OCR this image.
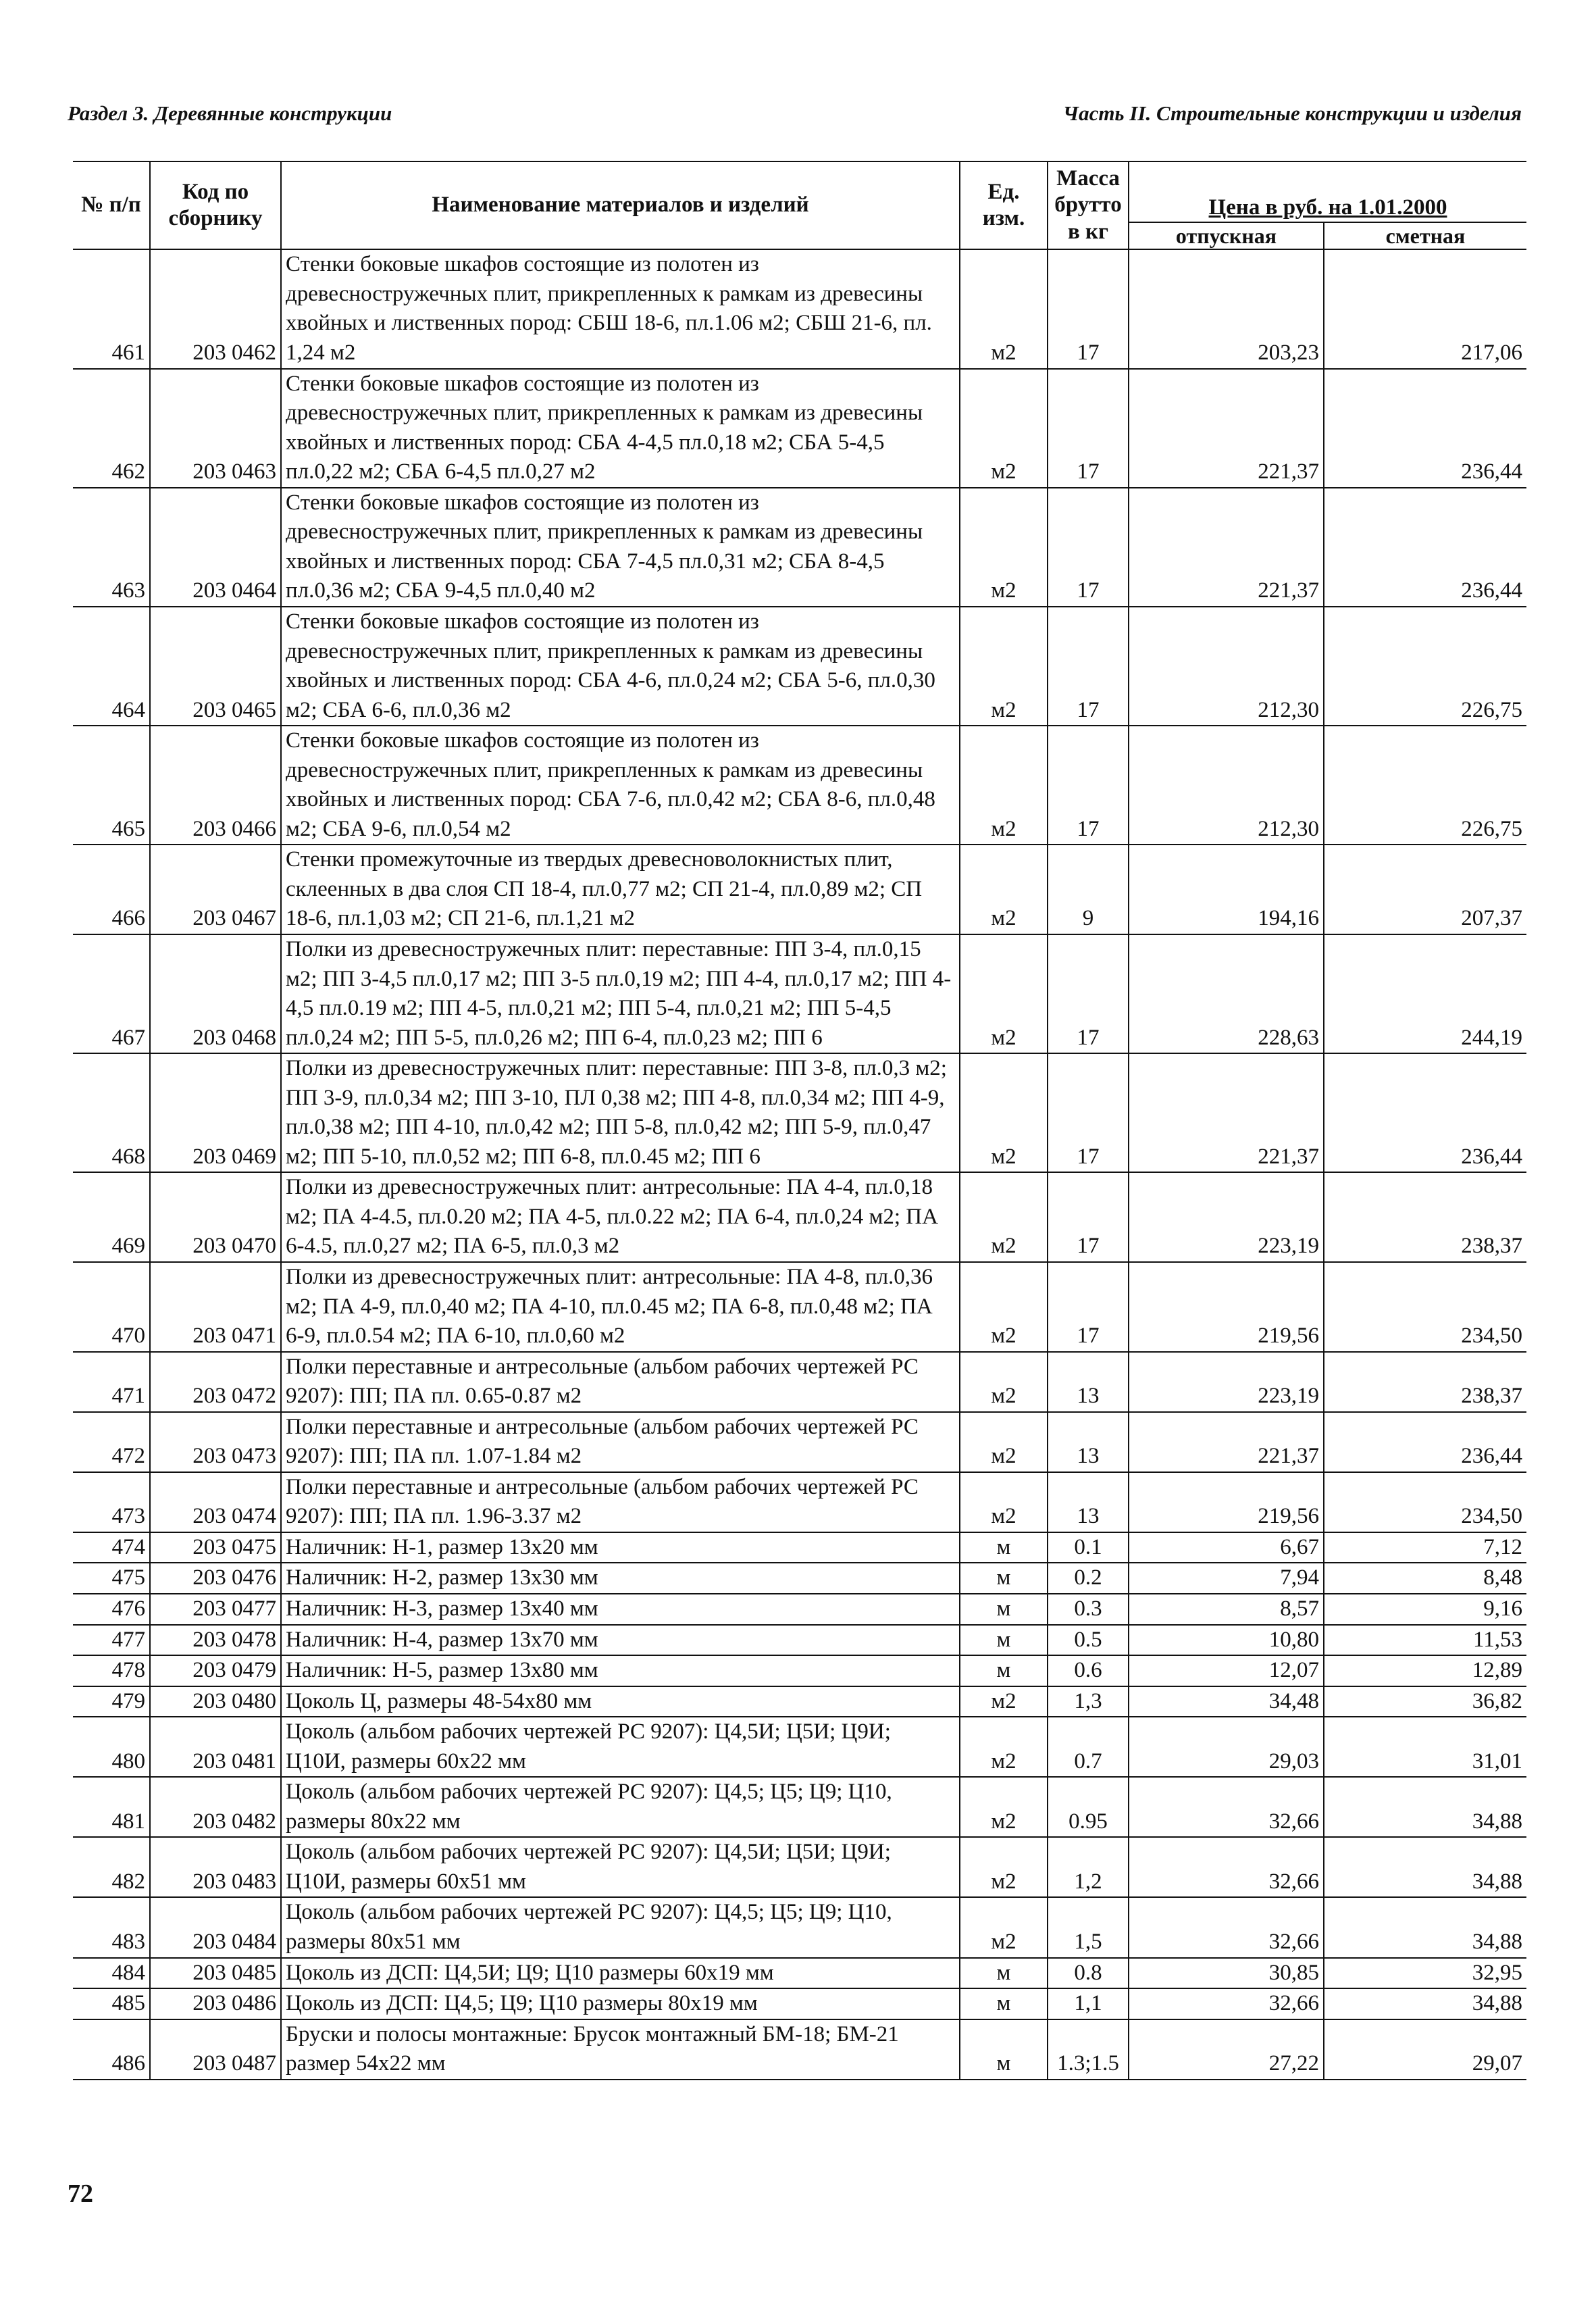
Раздел 3. Деревянные конструкции	Часть II. Строительные конструкции и изделия
№ п/п	Код по сборнику	Наименование материалов и изделий	Ед. изм.	Масса брутто в кг	Цена в руб. на 1.01.2000	
					отпускная	сметная
461	203 0462	Стенки боковые шкафов состоящие из полотен из древесностружечных плит, прикрепленных к рамкам из древесины хвойных и лиственных пород: СБШ 18-6, пл.1.06 м2; СБШ 21-6, пл. 1,24 м2	м2	17	203,23	217,06
462	203 0463	Стенки боковые шкафов состоящие из полотен из древесностружечных плит, прикрепленных к рамкам из древесины хвойных и лиственных пород: СБА 4-4,5 пл.0,18 м2; СБА 5-4,5 пл.0,22 м2; СБА 6-4,5 пл.0,27 м2	м2	17	221,37	236,44
463	203 0464	Стенки боковые шкафов состоящие из полотен из древесностружечных плит, прикрепленных к рамкам из древесины хвойных и лиственных пород: СБА 7-4,5 пл.0,31 м2; СБА 8-4,5 пл.0,36 м2; СБА 9-4,5 пл.0,40 м2	м2	17	221,37	236,44
464	203 0465	Стенки боковые шкафов состоящие из полотен из древесностружечных плит, прикрепленных к рамкам из древесины хвойных и лиственных пород: СБА 4-6, пл.0,24 м2; СБА 5-6, пл.0,30 м2; СБА 6-6, пл.0,36 м2	м2	17	212,30	226,75
465	203 0466	Стенки боковые шкафов состоящие из полотен из древесностружечных плит, прикрепленных к рамкам из древесины хвойных и лиственных пород: СБА 7-6, пл.0,42 м2; СБА 8-6, пл.0,48 м2; СБА 9-6, пл.0,54 м2	м2	17	212,30	226,75
466	203 0467	Стенки промежуточные из твердых древесноволокнистых плит, склеенных в два слоя СП 18-4, пл.0,77 м2; СП 21-4, пл.0,89 м2; СП 18-6, пл.1,03 м2; СП 21-6, пл.1,21 м2	м2	9	194,16	207,37
467	203 0468	Полки из древесностружечных плит: переставные: ПП 3-4, пл.0,15 м2; ПП 3-4,5 пл.0,17 м2; ПП 3-5 пл.0,19 м2; ПП 4-4, пл.0,17 м2; ПП 4-4,5 пл.0.19 м2; ПП 4-5, пл.0,21 м2; ПП 5-4, пл.0,21 м2; ПП 5-4,5 пл.0,24 м2; ПП 5-5, пл.0,26 м2; ПП 6-4, пл.0,23 м2; ПП 6	м2	17	228,63	244,19
468	203 0469	Полки из древесностружечных плит: переставные: ПП 3-8, пл.0,3 м2; ПП 3-9, пл.0,34 м2; ПП 3-10, ПЛ 0,38 м2; ПП 4-8, пл.0,34 м2; ПП 4-9, пл.0,38 м2; ПП 4-10, пл.0,42 м2; ПП 5-8, пл.0,42 м2; ПП 5-9, пл.0,47 м2; ПП 5-10, пл.0,52 м2; ПП 6-8, пл.0.45 м2; ПП 6	м2	17	221,37	236,44
469	203 0470	Полки из древесностружечных плит: антресольные: ПА 4-4, пл.0,18 м2; ПА 4-4.5, пл.0.20 м2; ПА 4-5, пл.0.22 м2; ПА 6-4, пл.0,24 м2; ПА 6-4.5, пл.0,27 м2; ПА 6-5, пл.0,3 м2	м2	17	223,19	238,37
470	203 0471	Полки из древесностружечных плит: антресольные: ПА 4-8, пл.0,36 м2; ПА 4-9, пл.0,40 м2; ПА 4-10, пл.0.45 м2; ПА 6-8, пл.0,48 м2; ПА 6-9, пл.0.54 м2; ПА 6-10, пл.0,60 м2	м2	17	219,56	234,50
471	203 0472	Полки переставные и антресольные (альбом рабочих чертежей РС 9207): ПП; ПА пл. 0.65-0.87 м2	м2	13	223,19	238,37
472	203 0473	Полки переставные и антресольные (альбом рабочих чертежей РС 9207): ПП; ПА пл. 1.07-1.84 м2	м2	13	221,37	236,44
473	203 0474	Полки переставные и антресольные (альбом рабочих чертежей РС 9207): ПП; ПА пл. 1.96-3.37 м2	м2	13	219,56	234,50
474	203 0475	Наличник: Н-1, размер 13х20 мм	м	0.1	6,67	7,12
475	203 0476	Наличник: Н-2, размер 13х30 мм	м	0.2	7,94	8,48
476	203 0477	Наличник: Н-3, размер 13х40 мм	м	0.3	8,57	9,16
477	203 0478	Наличник: Н-4, размер 13х70 мм	м	0.5	10,80	11,53
478	203 0479	Наличник: Н-5, размер 13х80 мм	м	0.6	12,07	12,89
479	203 0480	Цоколь Ц, размеры 48-54х80 мм	м2	1,3	34,48	36,82
480	203 0481	Цоколь (альбом рабочих чертежей РС 9207): Ц4,5И; Ц5И; Ц9И; Ц10И, размеры 60х22 мм	м2	0.7	29,03	31,01
481	203 0482	Цоколь (альбом рабочих чертежей РС 9207): Ц4,5; Ц5; Ц9; Ц10, размеры 80х22 мм	м2	0.95	32,66	34,88
482	203 0483	Цоколь (альбом рабочих чертежей РС 9207): Ц4,5И; Ц5И; Ц9И; Ц10И, размеры 60х51 мм	м2	1,2	32,66	34,88
483	203 0484	Цоколь (альбом рабочих чертежей РС 9207): Ц4,5; Ц5; Ц9; Ц10, размеры 80х51 мм	м2	1,5	32,66	34,88
484	203 0485	Цоколь из ДСП: Ц4,5И; Ц9; Ц10 размеры 60х19 мм	м	0.8	30,85	32,95
485	203 0486	Цоколь из ДСП: Ц4,5; Ц9; Ц10 размеры 80х19 мм	м	1,1	32,66	34,88
486	203 0487	Бруски и полосы монтажные: Брусок монтажный БМ-18; БМ-21 размер 54х22 мм	м	1.3;1.5	27,22	29,07
72
